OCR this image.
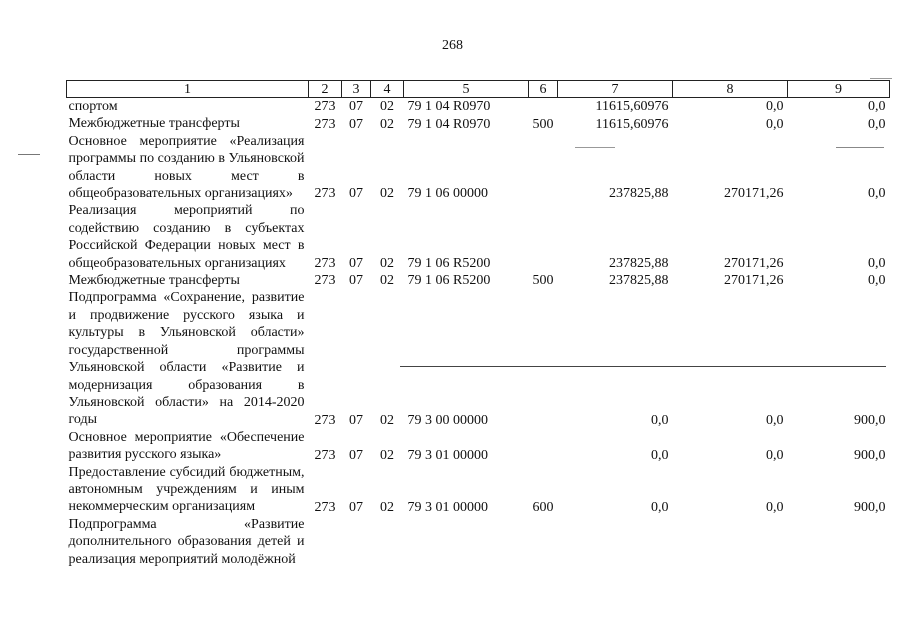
268
1	2	3	4	5	6	7	8	9
спортом	273	07	02	79 1 04 R0970		11615,60976	0,0	0,0
Межбюджетные трансферты	273	07	02	79 1 04 R0970	500	11615,60976	0,0	0,0
Основное мероприятие «Реализация программы по созданию в Ульяновской области новых мест в общеобразовательных организациях»	273	07	02	79 1 06 00000		237825,88	270171,26	0,0
Реализация мероприятий по содействию созданию в субъектах Российской Федерации новых мест в общеобразовательных организациях	273	07	02	79 1 06 R5200		237825,88	270171,26	0,0
Межбюджетные трансферты	273	07	02	79 1 06 R5200	500	237825,88	270171,26	0,0
Подпрограмма «Сохранение, развитие и продвижение русского языка и культуры в Ульяновской области» государственной программы Ульяновской области «Развитие и модернизация образования в Ульяновской области» на 2014-2020 годы	273	07	02	79 3 00 00000		0,0	0,0	900,0
Основное мероприятие «Обеспечение развития русского языка»	273	07	02	79 3 01 00000		0,0	0,0	900,0
Предоставление субсидий бюджетным, автономным учреждениям и иным некоммерческим организациям	273	07	02	79 3 01 00000	600	0,0	0,0	900,0
Подпрограмма «Развитие дополнительного образования детей и реализация мероприятий молодёжной								
